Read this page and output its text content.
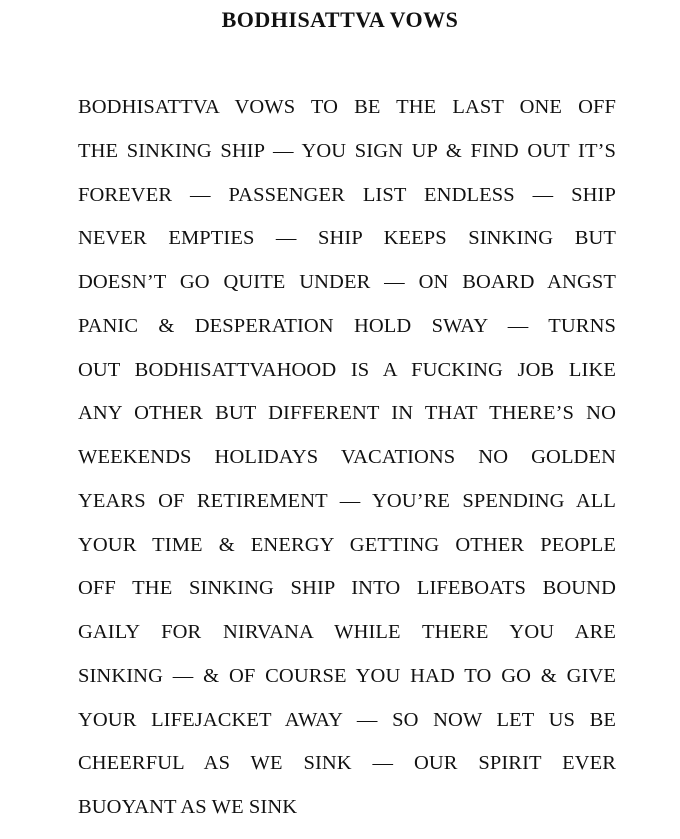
BODHISATTVA VOWS
BODHISATTVA VOWS TO BE THE LAST ONE OFF
THE SINKING SHIP — YOU SIGN UP & FIND OUT IT’S
FOREVER — PASSENGER LIST ENDLESS — SHIP
NEVER EMPTIES — SHIP KEEPS SINKING BUT
DOESN’T GO QUITE UNDER — ON BOARD ANGST
PANIC & DESPERATION HOLD SWAY — TURNS
OUT BODHISATTVAHOOD IS A FUCKING JOB LIKE
ANY OTHER BUT DIFFERENT IN THAT THERE’S NO
WEEKENDS HOLIDAYS VACATIONS NO GOLDEN
YEARS OF RETIREMENT — YOU’RE SPENDING ALL
YOUR TIME & ENERGY GETTING OTHER PEOPLE
OFF THE SINKING SHIP INTO LIFEBOATS BOUND
GAILY FOR NIRVANA WHILE THERE YOU ARE
SINKING — & OF COURSE YOU HAD TO GO & GIVE
YOUR LIFEJACKET AWAY — SO NOW LET US BE
CHEERFUL AS WE SINK — OUR SPIRIT EVER
BUOYANT AS WE SINK
